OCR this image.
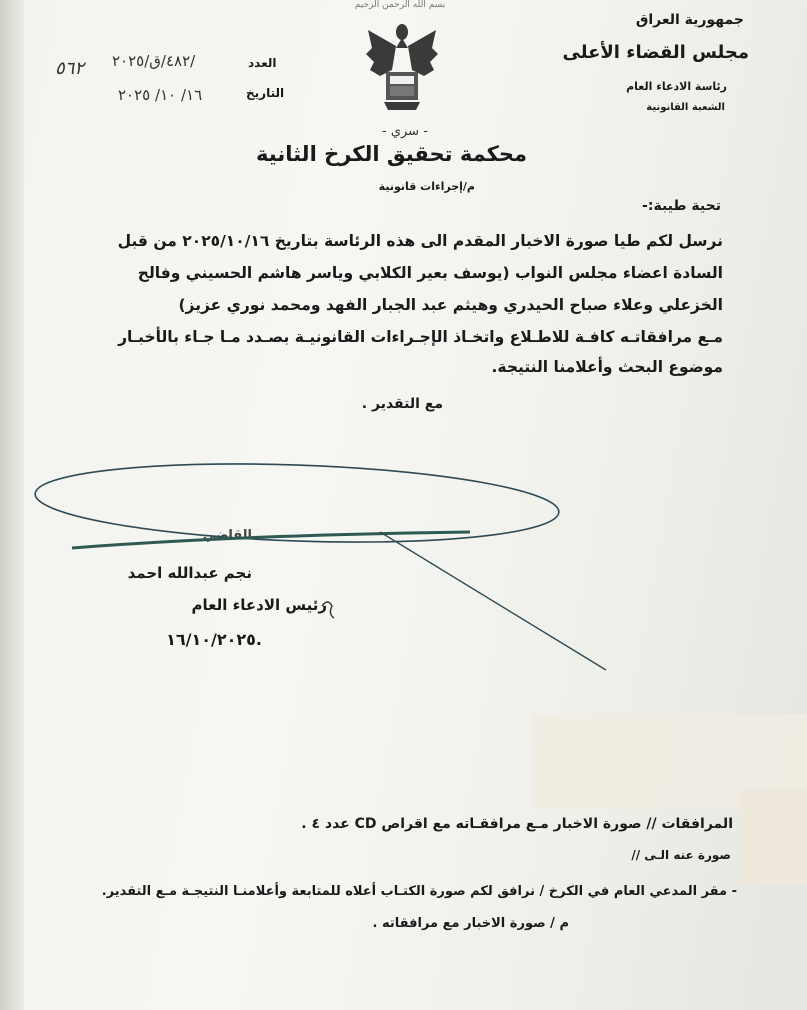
بسم الله الرحمن الرحيم
جمهورية العراق
مجلس القضاء الأعلى
رئاسة الادعاء العام
الشعبة القانونية
العدد
٤٨٢/ق/٢٠٢٥/
٥٦٢
التاريخ
١٦/ ١٠/ ٢٠٢٥
- سري -
محكمة تحقيق الكرخ الثانية
م/إجراءات قانونية
تحية طيبة:-
نرسل لكم طيا صورة الاخبار المقدم الى هذه الرئاسة بتاريخ ٢٠٢٥/١٠/١٦ من قبل
السادة اعضاء مجلس النواب (يوسف بعير الكلابي وياسر هاشم الحسيني وفالح
الخزعلي وعلاء صباح الحيدري وهيثم عبد الجبار الفهد ومحمد نوري عزيز)
مـع مرافقاتـه كافـة للاطـلاع واتخـاذ الإجـراءات القانونيـة بصـدد مـا جـاء بالأخبـار
موضوع البحث وأعلامنا النتيجة.
مع التقدير .
القاضي
نجم عبدالله احمد
رئيس الادعاء العام
١٦/١٠/٢٠٢٥.
المرافقات // صورة الاخبار مـع مرافقـاته مع اقراص CD عدد ٤ .
صورة عنه الـى //
- مقر المدعي العام في الكرخ / نرافق لكم صورة الكتـاب أعلاه للمتابعة وأعلامنـا النتيجـة مـع التقدير.
م / صورة الاخبار مع مرافقاته .
